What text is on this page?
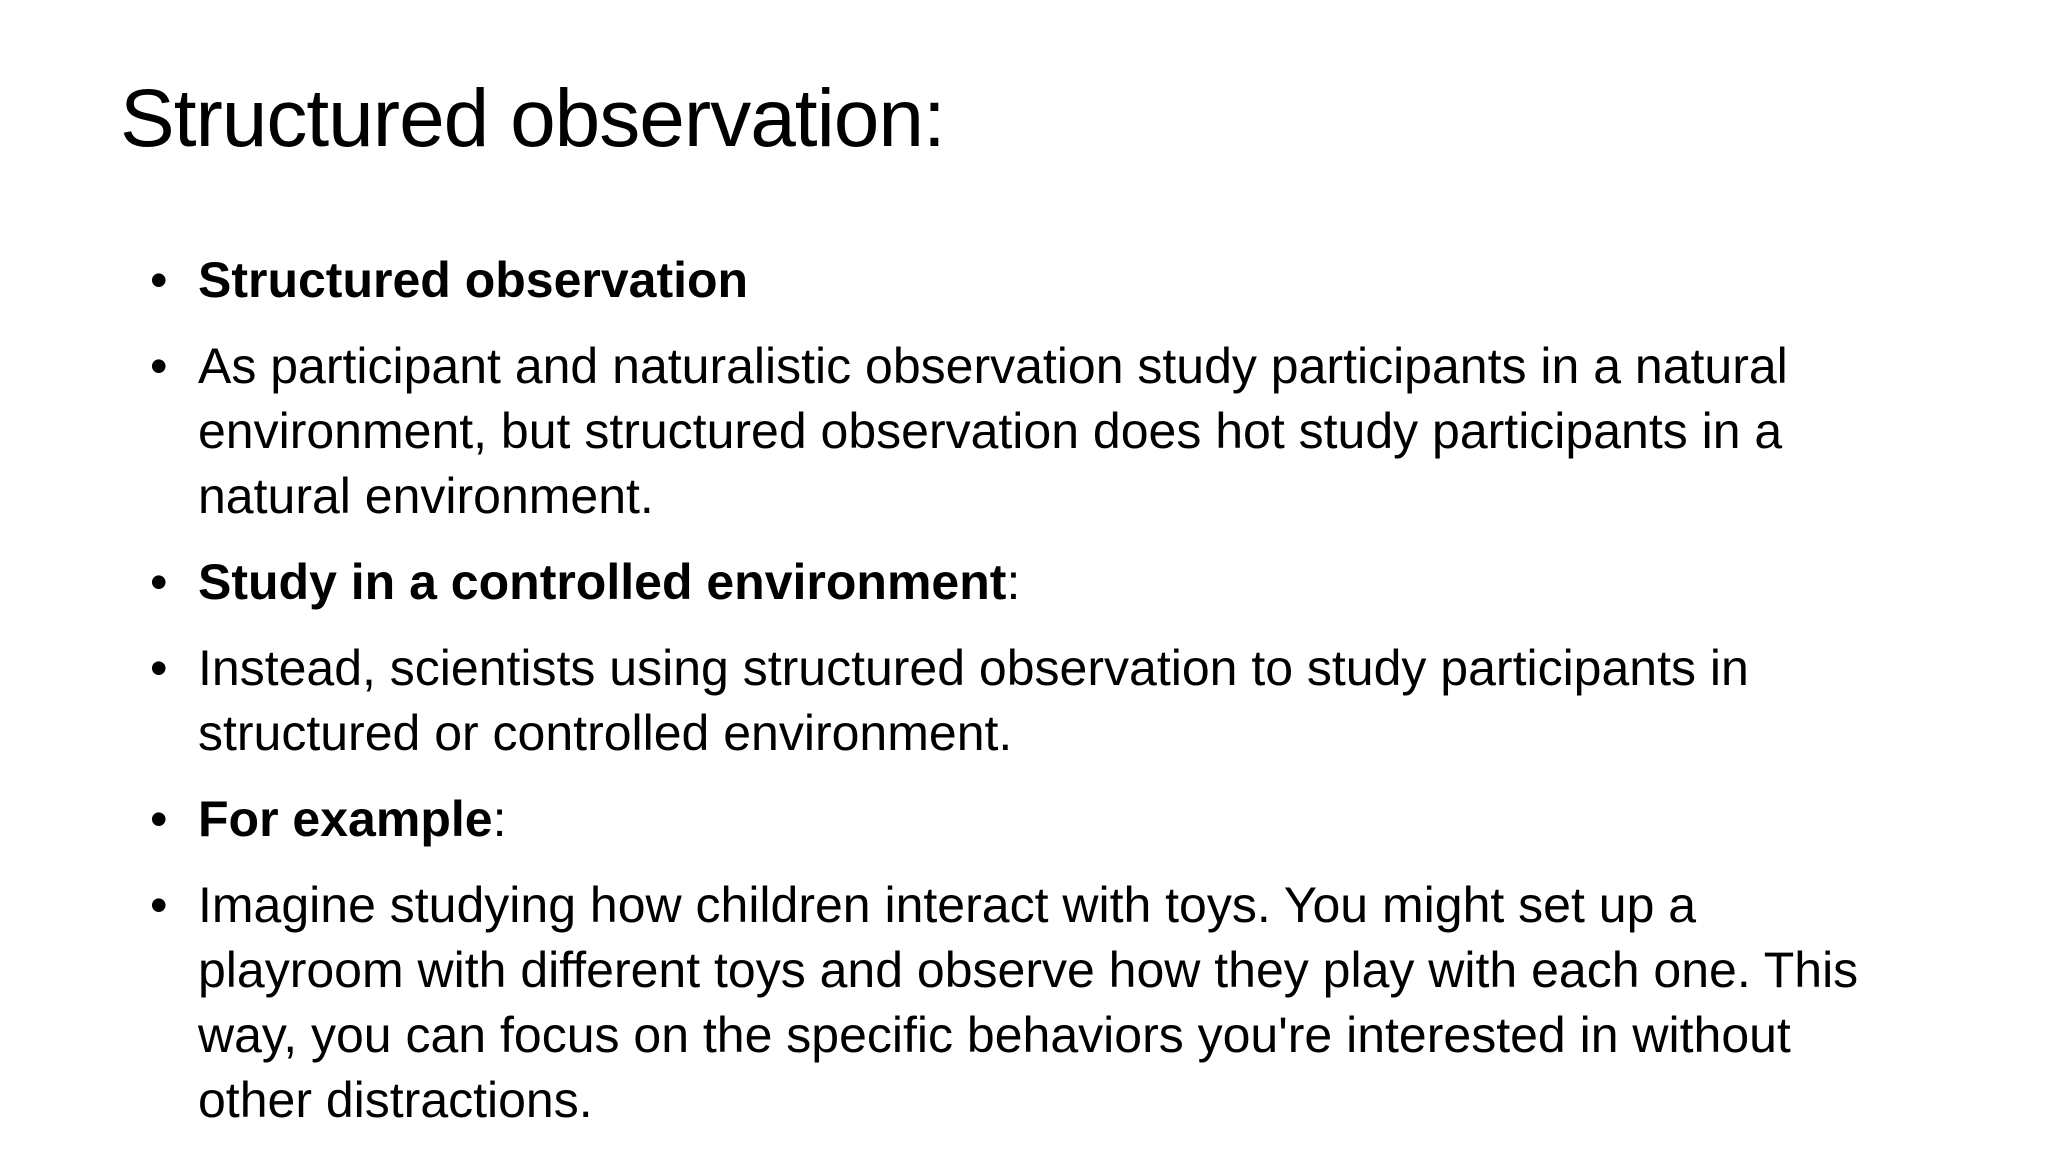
Structured observation:
• Structured observation
• As participant and naturalistic observation study participants in a natural environment, but structured observation does hot study participants in a natural environment.
• Study in a controlled environment:
• Instead, scientists using structured observation to study participants in structured or controlled environment.
• For example:
• Imagine studying how children interact with toys. You might set up a playroom with different toys and observe how they play with each one. This way, you can focus on the specific behaviors you're interested in without other distractions.
